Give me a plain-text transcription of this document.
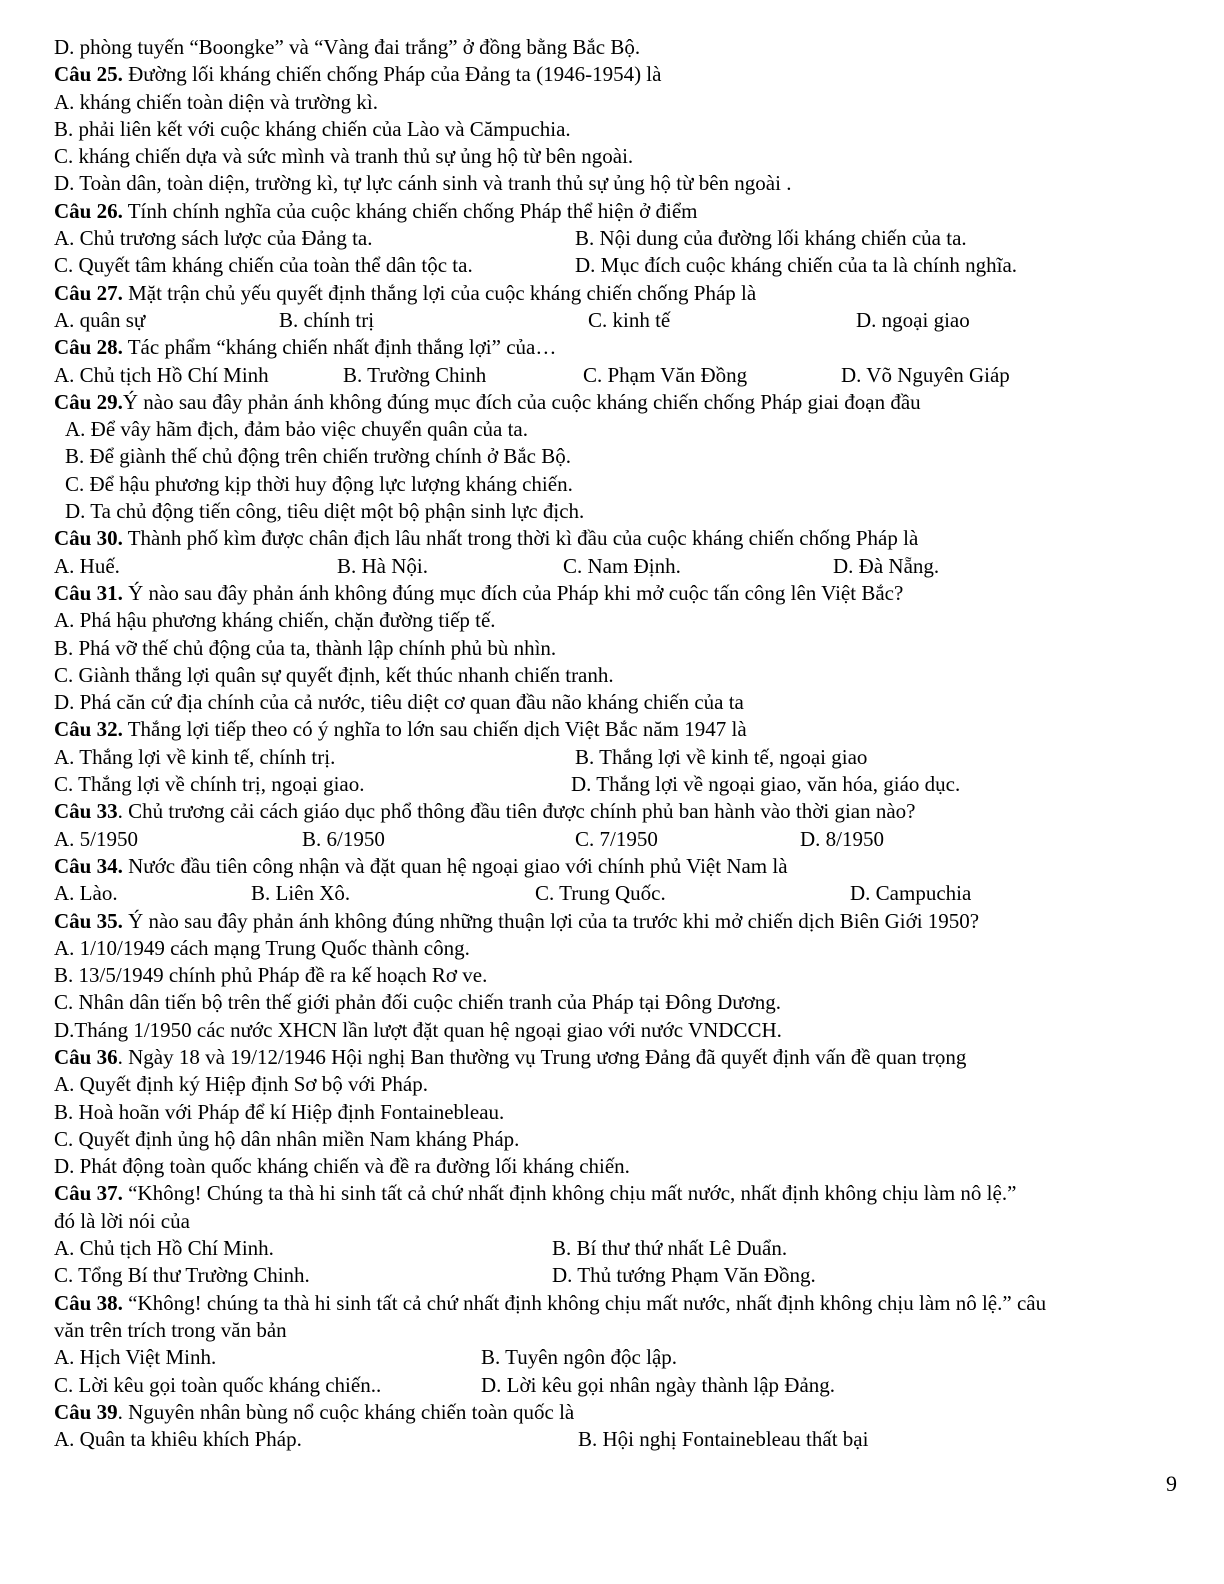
D. phòng tuyến “Boongke” và “Vàng đai trắng” ở đồng bằng Bắc Bộ.
Câu 25. Đường lối kháng chiến chống Pháp của Đảng ta (1946-1954) là
A. kháng chiến toàn diện và trường kì.
B. phải liên kết với cuộc kháng chiến của Lào và Cămpuchia.
C. kháng chiến dựa và sức mình và tranh thủ sự ủng hộ từ bên ngoài.
D. Toàn dân, toàn diện, trường kì, tự lực cánh sinh và tranh thủ sự ủng hộ từ bên ngoài .
Câu 26. Tính chính nghĩa của cuộc kháng chiến chống Pháp thể hiện ở điểm
A. Chủ trương sách lược của Đảng ta.	B. Nội dung của đường lối kháng chiến của ta.
C. Quyết tâm kháng chiến của toàn thể dân tộc ta.	D. Mục đích cuộc kháng chiến của ta là chính nghĩa.
Câu 27. Mặt trận chủ yếu quyết định thắng lợi của cuộc kháng chiến chống Pháp là
A. quân sự	B. chính trị	C. kinh tế	D. ngoại giao
Câu 28. Tác phẩm “kháng chiến nhất định thắng lợi” của…
A. Chủ tịch Hồ Chí Minh	B. Trường Chinh	C. Phạm Văn Đồng	D. Võ Nguyên Giáp
Câu 29.Ý nào sau đây phản ánh không đúng mục đích của cuộc kháng chiến chống Pháp giai đoạn đầu
A. Để vây hãm địch, đảm bảo việc chuyển quân của ta.
B. Để giành thế chủ động trên chiến trường chính ở Bắc Bộ.
C. Để hậu phương kịp thời huy động lực lượng kháng chiến.
D. Ta chủ động tiến công, tiêu diệt một bộ phận sinh lực địch.
Câu 30. Thành phố kìm được chân địch lâu nhất trong thời kì đầu của cuộc kháng chiến chống Pháp là
A. Huế.	B. Hà Nội.	C. Nam Định.	D. Đà Nẵng.
Câu 31. Ý nào sau đây phản ánh không đúng mục đích của Pháp khi mở cuộc tấn công lên Việt Bắc?
A. Phá hậu phương kháng chiến, chặn đường tiếp tế.
B. Phá vỡ thế chủ động của ta, thành lập chính phủ bù nhìn.
C. Giành thắng lợi quân sự quyết định, kết thúc nhanh chiến tranh.
D. Phá căn cứ địa chính của cả nước, tiêu diệt cơ quan đầu não kháng chiến của ta
Câu 32. Thắng lợi tiếp theo có ý nghĩa to lớn sau chiến dịch Việt Bắc năm 1947 là
A. Thắng lợi về kinh tế, chính trị.	B. Thắng lợi về kinh tế, ngoại giao
C. Thắng lợi về chính trị, ngoại giao.	D. Thắng lợi về ngoại giao, văn hóa, giáo dục.
Câu 33. Chủ trương cải cách giáo dục phổ thông đầu tiên được chính phủ ban hành vào thời gian nào?
A. 5/1950	B. 6/1950	C. 7/1950	D. 8/1950
Câu 34. Nước đầu tiên công nhận và đặt quan hệ ngoại giao với chính phủ Việt Nam là
A. Lào.	B. Liên Xô.	C. Trung Quốc.	D. Campuchia
Câu 35. Ý nào sau đây phản ánh không đúng những thuận lợi của ta trước khi mở chiến dịch Biên Giới 1950?
A. 1/10/1949 cách mạng Trung Quốc thành công.
B. 13/5/1949 chính phủ Pháp đề ra kế hoạch Rơ ve.
C. Nhân dân tiến bộ trên thế giới phản đối cuộc chiến tranh của Pháp tại Đông Dương.
D.Tháng 1/1950 các nước XHCN lần lượt đặt quan hệ ngoại giao với nước VNDCCH.
Câu 36. Ngày 18 và 19/12/1946 Hội nghị Ban thường vụ Trung ương Đảng đã quyết định vấn đề quan trọng
A. Quyết định ký Hiệp định Sơ bộ với Pháp.
B. Hoà hoãn với Pháp để kí Hiệp định Fontainebleau.
C. Quyết định ủng hộ dân nhân miền Nam kháng Pháp.
D. Phát động toàn quốc kháng chiến và đề ra đường lối kháng chiến.
Câu 37. “Không! Chúng ta thà hi sinh tất cả chứ nhất định không chịu mất nước, nhất định không chịu làm nô lệ.”
đó là lời nói của
A. Chủ tịch Hồ Chí Minh.	B. Bí thư thứ nhất Lê Duẩn.
C. Tổng Bí thư Trường Chinh.	D. Thủ tướng Phạm Văn Đồng.
Câu 38. “Không! chúng ta thà hi sinh tất cả chứ nhất định không chịu mất nước, nhất định không chịu làm nô lệ.” câu
văn trên trích trong văn bản
A. Hịch Việt Minh.	B. Tuyên ngôn độc lập.
C. Lời kêu gọi toàn quốc kháng chiến..	D. Lời kêu gọi nhân ngày thành lập Đảng.
Câu 39. Nguyên nhân bùng nổ cuộc kháng chiến toàn quốc là
A. Quân ta khiêu khích Pháp.	B. Hội nghị Fontainebleau thất bại
9
